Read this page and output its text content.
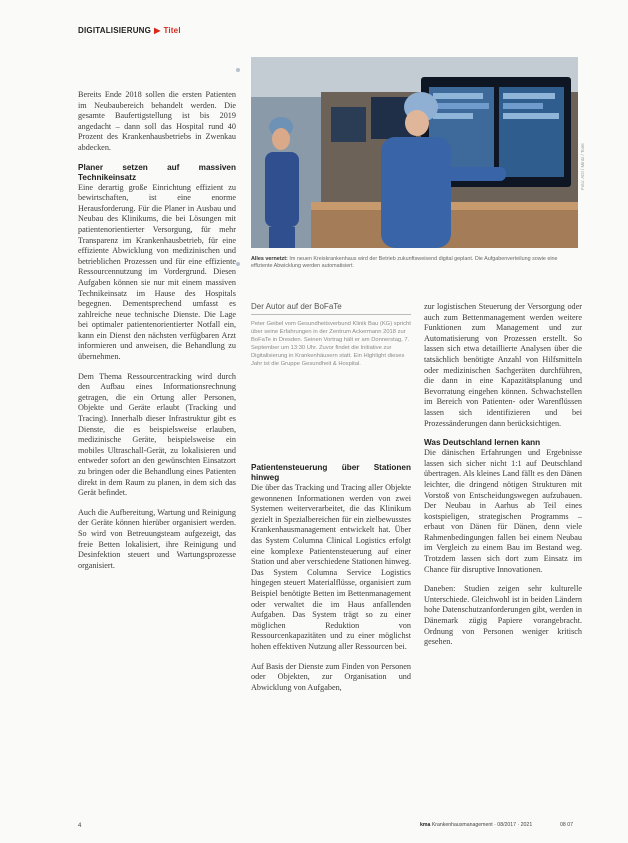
DIGITALISIERUNG ▶ Titel

Bereits Ende 2018 sollen die ersten Patienten im Neubaubereich behandelt werden. Die gesamte Baufertigstellung ist bis 2019 angedacht – dann soll das Hospital rund 40 Prozent des Krankenhausbetriebs in Zwenkau abdecken.

Planer setzen auf massiven Technikeinsatz

Eine derartig große Einrichtung effizient zu bewirtschaften, ist eine enorme Herausforderung. Für die Planer in Ausbau und Neubau des Klinikums, die bei Lösungen mit patientenorientierter Versorgung, für mehr Transparenz im Krankenhausbetrieb, für eine effiziente Abwicklung von medizinischen und betrieblichen Prozessen und für eine effiziente Ressourcennutzung im Vordergrund. Diesen Aufgaben können sie nur mit einem massiven Technikeinsatz im Hause des Hospitals begegnen. Dementsprechend umfasst es zahlreiche neue technische Dienste. Die Lage bei optimaler patientenorientierter Notfall ein, kann ein Dienst den nächsten verfügbaren Arzt informieren und anweisen, die Behandlung zu übernehmen.

Dem Thema Ressourcentracking wird durch den Aufbau eines Informationsrechnung getragen, die ein Ortung aller Personen, Objekte und Geräte erlaubt (Tracking und Tracing). Innerhalb dieser Infrastruktur gibt es Dienste, die es beispielsweise erlauben, medizinische Geräte, beispielsweise ein mobiles Ultraschall-Gerät, zu lokalisieren und entweder sofort an den gewünschten Einsatzort zu bringen oder die Behandlung eines Patienten direkt in dem Raum zu planen, in dem sich das Gerät befindet.

Auch die Aufbereitung, Wartung und Reinigung der Geräte können hierüber organisiert werden. So wird von Betreuungsteam aufgezeigt, das freie Betten lokalisiert, ihre Reinigung und Desinfektion steuert und Wartungsprozesse organisiert.

Foto: ADI / Mintz / Tomt
Alles vernetzt: Im neuen Kreiskrankenhaus wird der Betrieb zukunftsweisend digital geplant. Die Aufgabenverteilung sowie eine effiziente Abwicklung werden automatisiert.
Der Autor auf der BoFaTe
Peter Geibel vom Gesundheitsverbund Klinik Bau (KG) spricht über seine Erfahrungen in der Zentrum Ackermann 2018 zur BoFaTe in Dresden. Seinen Vortrag hält er am Donnerstag, 7. September um 13:30 Uhr. Zuvor findet die Initiative zur Digitalisierung in Krankenhäusern statt. Ein Highlight dieses Jahr ist die Gruppe Gesundheit & Hospital.
Patientensteuerung über Stationen hinweg

Die über das Tracking und Tracing aller Objekte gewonnenen Informationen werden von zwei Systemen weiterverarbeitet, die das Klinikum gezielt in Spezialbereichen für ein zielbewusstes Krankenhausmanagement entwickelt hat. Über das System Columna Clinical Logistics erfolgt eine komplexe Patientensteuerung auf einer Station und aber verschiedene Stationen hinweg. Das System Columna Service Logistics hingegen steuert Materialflüsse, organisiert zum Beispiel benötigte Betten im Bettenmanagement oder verwaltet die im Haus anfallenden Aufgaben. Das System trägt so zu einer möglichen Reduktion von Ressourcenkapazitäten und zu einer möglichst hohen effektiven Nutzung aller Ressourcen bei.

Auf Basis der Dienste zum Finden von Personen oder Objekten, zur Organisation und Abwicklung von Aufgaben,

zur logistischen Steuerung der Versorgung oder auch zum Bettenmanagement werden weitere Funktionen zum Management und zur Automatisierung von Prozessen erstellt. So lassen sich etwa detaillierte Analysen über die tatsächlich benötigte Anzahl von Hilfsmitteln oder medizinischen Sachgeräten durchführen, die dann in eine Kapazitätsplanung und Bevorratung eingehen können. Schwachstellen im Bereich von Patienten- oder Warenflüssen lassen sich identifizieren und bei Prozessänderungen dann berücksichtigen.

Was Deutschland lernen kann

Die dänischen Erfahrungen und Ergebnisse lassen sich sicher nicht 1:1 auf Deutschland übertragen. Als kleines Land fällt es den Dänen leichter, die dringend nötigen Strukturen mit Vorstoß von Entscheidungswegen aufzubauen. Der Neubau in Aarhus ab Teil eines kostspieligen, strategischen Programms – erbaut von Dänen für Dänen, denn viele Rahmenbedingungen fallen bei einem Neubau im Vergleich zu einem Bau im Bestand weg. Trotzdem lassen sich dort zum Einsatz im Chance für disruptive Innovationen.

Daneben: Studien zeigen sehr kulturelle Unterschiede. Gleichwohl ist in beiden Ländern hohe Datenschutzanforderungen gibt, werden in Dänemark zügig Papiere vorangebracht. Ordnung von Personen weniger kritisch gesehen.

4	kma Krankenhausmanagement · 08/2017 · 2021	08 07
